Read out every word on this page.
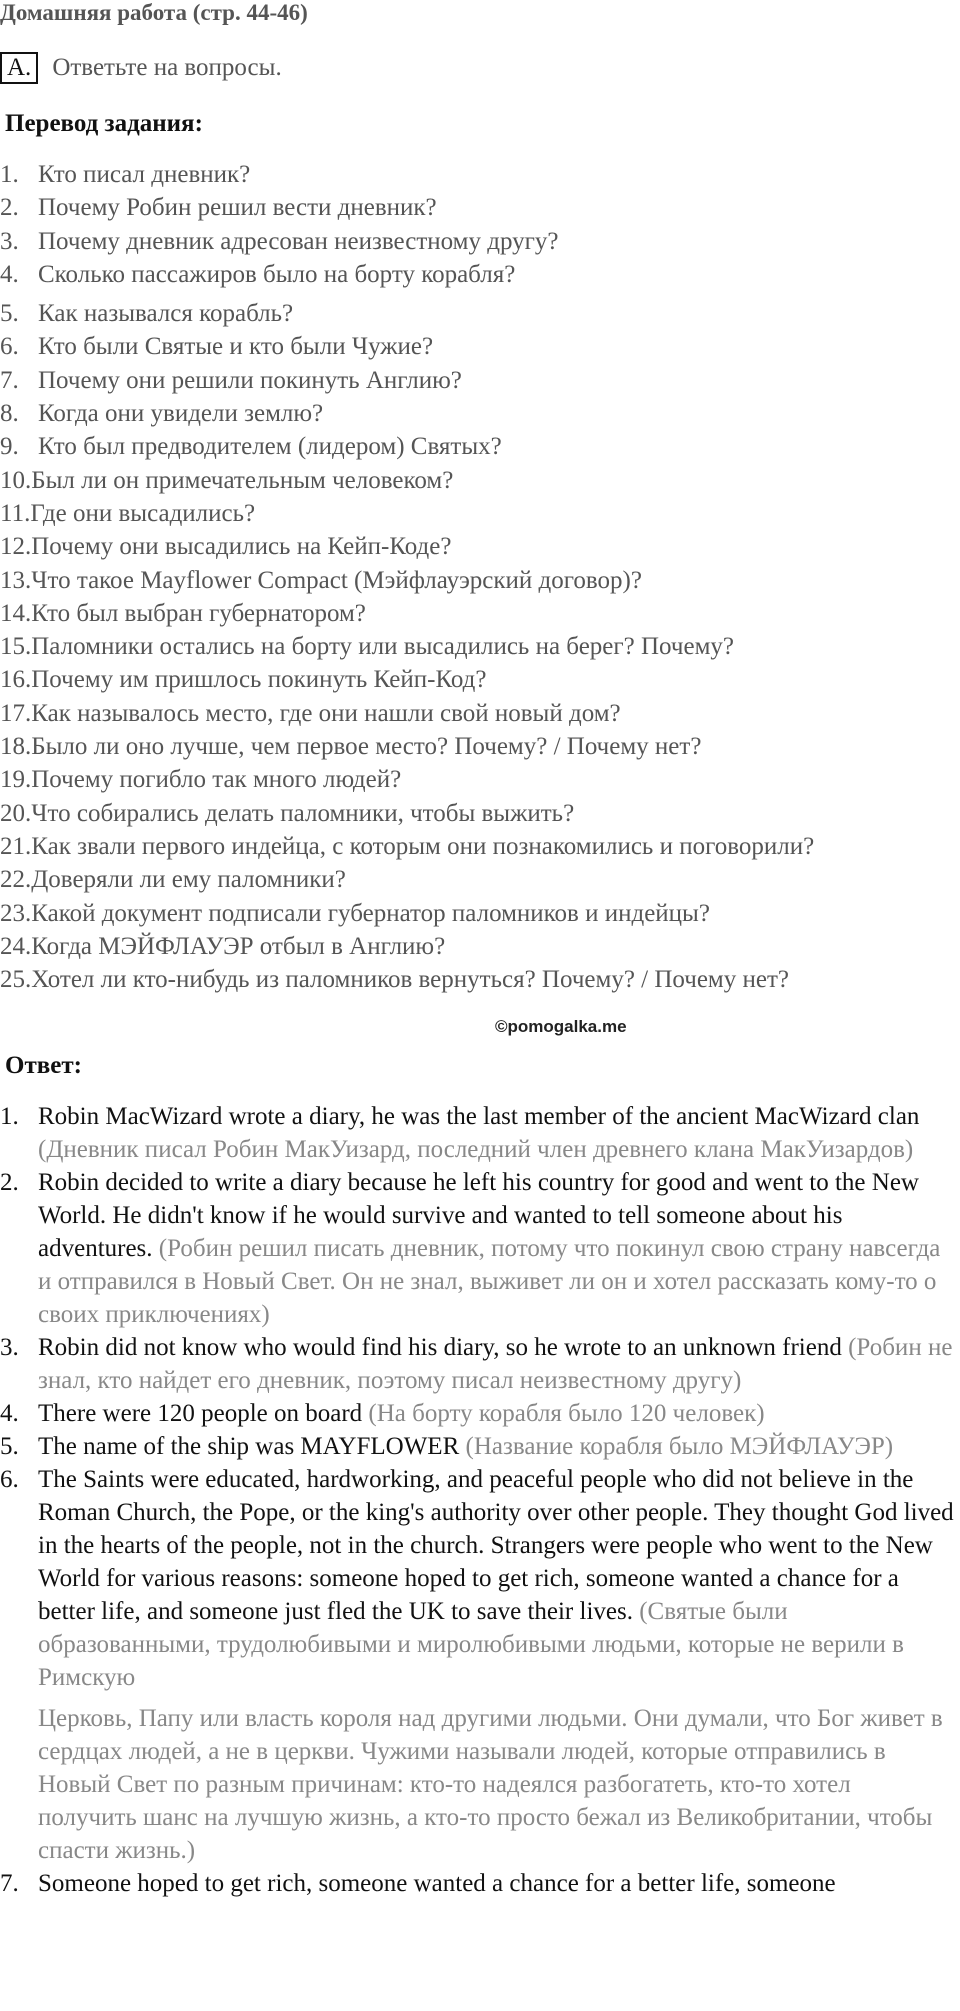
Домашняя работа (стр. 44-46)
A. Ответьте на вопросы.
Перевод задания:
1. Кто писал дневник?
2. Почему Робин решил вести дневник?
3. Почему дневник адресован неизвестному другу?
4. Сколько пассажиров было на борту корабля?
5. Как назывался корабль?
6. Кто были Святые и кто были Чужие?
7. Почему они решили покинуть Англию?
8. Когда они увидели землю?
9. Кто был предводителем (лидером) Святых?
10. Был ли он примечательным человеком?
11. Где они высадились?
12. Почему они высадились на Кейп-Коде?
13. Что такое Mayflower Compact (Мэйфлауэрский договор)?
14. Кто был выбран губернатором?
15. Паломники остались на борту или высадились на берег? Почему?
16. Почему им пришлось покинуть Кейп-Код?
17. Как называлось место, где они нашли свой новый дом?
18. Было ли оно лучше, чем первое место? Почему? / Почему нет?
19. Почему погибло так много людей?
20. Что собирались делать паломники, чтобы выжить?
21. Как звали первого индейца, с которым они познакомились и поговорили?
22. Доверяли ли ему паломники?
23. Какой документ подписали губернатор паломников и индейцы?
24. Когда МЭЙФЛАУЭР отбыл в Англию?
25. Хотел ли кто-нибудь из паломников вернуться? Почему? / Почему нет?
©pomogalka.me
Ответ:
1. Robin MacWizard wrote a diary, he was the last member of the ancient MacWizard clan (Дневник писал Робин МакУизард, последний член древнего клана МакУизардов)
2. Robin decided to write a diary because he left his country for good and went to the New World. He didn't know if he would survive and wanted to tell someone about his adventures. (Робин решил писать дневник, потому что покинул свою страну навсегда и отправился в Новый Свет. Он не знал, выживет ли он и хотел рассказать кому-то о своих приключениях)
3. Robin did not know who would find his diary, so he wrote to an unknown friend (Робин не знал, кто найдет его дневник, поэтому писал неизвестному другу)
4. There were 120 people on board (На борту корабля было 120 человек)
5. The name of the ship was MAYFLOWER (Название корабля было МЭЙФЛАУЭР)
6. The Saints were educated, hardworking, and peaceful people who did not believe in the Roman Church, the Pope, or the king's authority over other people. They thought God lived in the hearts of the people, not in the church. Strangers were people who went to the New World for various reasons: someone hoped to get rich, someone wanted a chance for a better life, and someone just fled the UK to save their lives. (Святые были образованными, трудолюбивыми и миролюбивыми людьми, которые не верили в Римскую
Церковь, Папу или власть короля над другими людьми. Они думали, что Бог живет в сердцах людей, а не в церкви. Чужими называли людей, которые отправились в Новый Свет по разным причинам: кто-то надеялся разбогатеть, кто-то хотел получить шанс на лучшую жизнь, а кто-то просто бежал из Великобритании, чтобы спасти жизнь.)
7. Someone hoped to get rich, someone wanted a chance for a better life, someone
